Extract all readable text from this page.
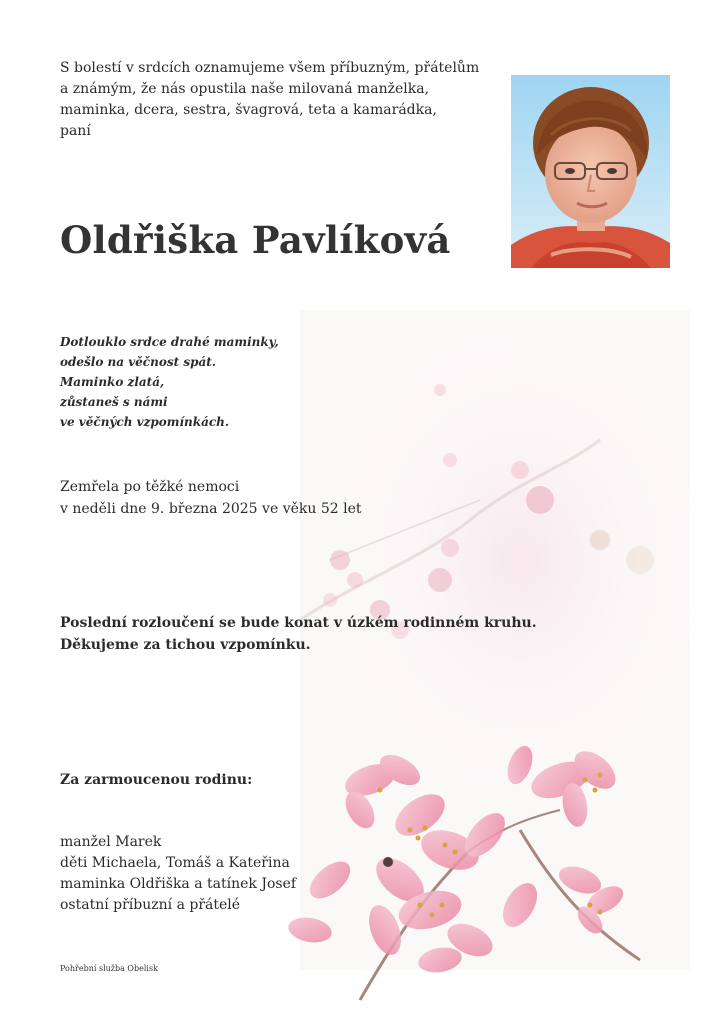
S bolestí v srdcích oznamujeme všem příbuzným, přátelům
a známým, že nás opustila naše milovaná manželka,
maminka, dcera, sestra, švagrová, teta a kamarádka,
paní
Oldřiška Pavlíková
Dotlouklo srdce drahé maminky,
odešlo na věčnost spát.
Maminko zlatá,
zůstaneš s námi
ve věčných vzpomínkách.
Zemřela po těžké nemoci
v neděli dne 9. března 2025 ve věku 52 let
Poslední rozloučení se bude konat v úzkém rodinném kruhu.
Děkujeme za tichou vzpomínku.
Za zarmoucenou rodinu:
manžel Marek
děti Michaela, Tomáš a Kateřina
maminka Oldřiška a tatínek Josef
ostatní příbuzní a přátelé
Pohřební služba Obelisk
